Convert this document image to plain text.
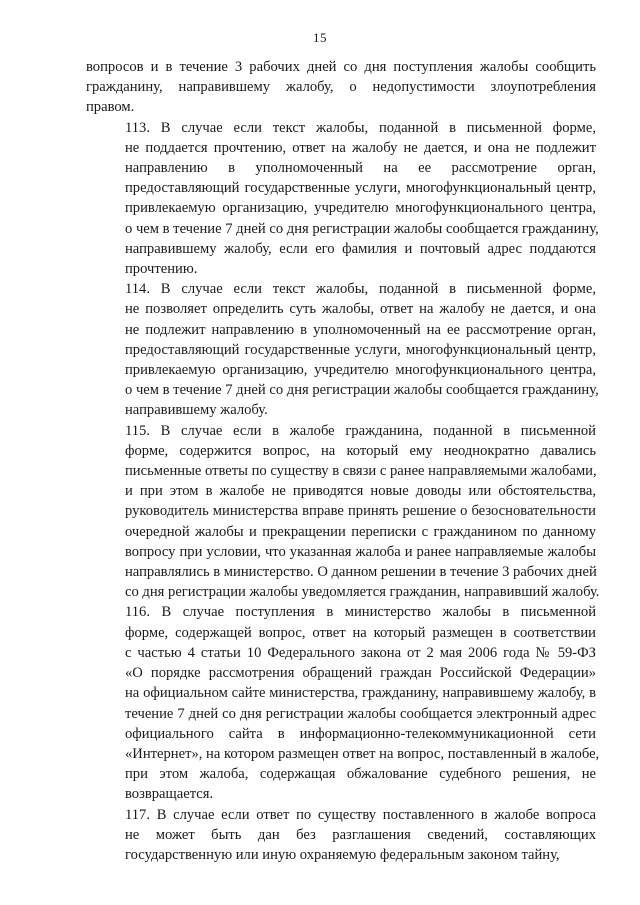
15

вопросов и в течение 3 рабочих дней со дня поступления жалобы сообщить
гражданину, направившему жалобу, о недопустимости злоупотребления
правом.

113. В случае если текст жалобы, поданной в письменной форме,
не поддается прочтению, ответ на жалобу не дается, и она не подлежит
направлению в уполномоченный на ее рассмотрение орган,
предоставляющий государственные услуги, многофункциональный центр,
привлекаемую организацию, учредителю многофункционального центра,
о чем в течение 7 дней со дня регистрации жалобы сообщается гражданину,
направившему жалобу, если его фамилия и почтовый адрес поддаются
прочтению.

114. В случае если текст жалобы, поданной в письменной форме,
не позволяет определить суть жалобы, ответ на жалобу не дается, и она
не подлежит направлению в уполномоченный на ее рассмотрение орган,
предоставляющий государственные услуги, многофункциональный центр,
привлекаемую организацию, учредителю многофункционального центра,
о чем в течение 7 дней со дня регистрации жалобы сообщается гражданину,
направившему жалобу.

115. В случае если в жалобе гражданина, поданной в письменной
форме, содержится вопрос, на который ему неоднократно давались
письменные ответы по существу в связи с ранее направляемыми жалобами,
и при этом в жалобе не приводятся новые доводы или обстоятельства,
руководитель министерства вправе принять решение о безосновательности
очередной жалобы и прекращении переписки с гражданином по данному
вопросу при условии, что указанная жалоба и ранее направляемые жалобы
направлялись в министерство. О данном решении в течение 3 рабочих дней
со дня регистрации жалобы уведомляется гражданин, направивший жалобу.

116. В случае поступления в министерство жалобы в письменной
форме, содержащей вопрос, ответ на который размещен в соответствии
с частью 4 статьи 10 Федерального закона от 2 мая 2006 года № 59-ФЗ
«О порядке рассмотрения обращений граждан Российской Федерации»
на официальном сайте министерства, гражданину, направившему жалобу, в
течение 7 дней со дня регистрации жалобы сообщается электронный адрес
официального сайта в информационно-телекоммуникационной сети
«Интернет», на котором размещен ответ на вопрос, поставленный в жалобе,
при этом жалоба, содержащая обжалование судебного решения, не
возвращается.

117. В случае если ответ по существу поставленного в жалобе вопроса
не может быть дан без разглашения сведений, составляющих
государственную или иную охраняемую федеральным законом тайну,
